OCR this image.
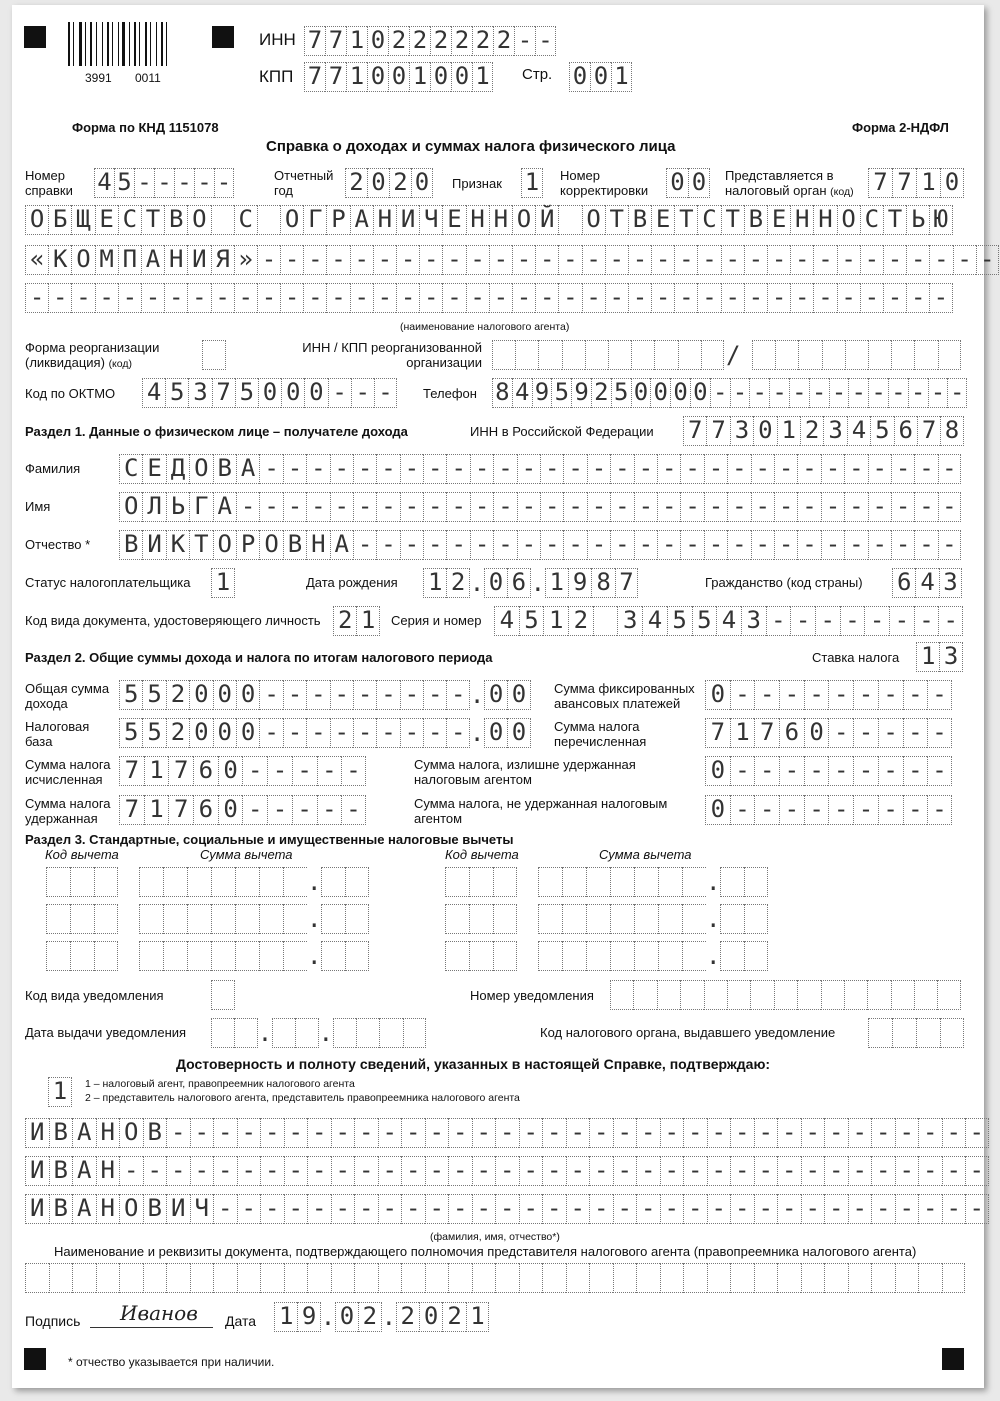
3991 0011
ИНН 7 7 1 0 2 2 2 2 2 2 - -
КПП 7 7 1 0 0 1 0 0 1 Стр. 0 0 1
Форма по КНД 1151078	Форма 2-НДФЛ
Справка о доходах и суммах налога физического лица
Номер справки	4 5 - - - - -	Отчетный год	2 0 2 0 Признак 1 Номер корректировки 0 0 Представляется в
налоговый орган (код) 7 7 1 0
О Б Щ Е С Т В О С О Г Р А Н И Ч Е Н Н О Й О Т В Е Т С Т В Е Н Н О С Т Ь Ю
« К О М П А Н И Я » - - - - - - - - - - - - - - - - - - - - - - - - - - - - - - - -
- - - - - - - - - - - - - - - - - - - - - - - - - - - - - - - - - - - - - - - -
(наименование налогового агента)
Форма реорганизации
(ликвидация) (код)
ИНН / КПП реорганизованной
организации	/
Код по ОКТМО 4 5 3 7 5 0 0 0 - - -	Телефон 8 4 9 5 9 2 5 0 0 0 0 - - - - - - - - - - - - -
Раздел 1. Данные о физическом лице – получателе дохода	ИНН в Российской Федерации 7 7 3 0 1 2 3 4 5 6 7 8
Фамилия С Е Д О В А - - - - - - - - - - - - - - - - - - - - - - - - - - - - - -
Имя	О Л Ь Г А - - - - - - - - - - - - - - - - - - - - - - - - - - - - - - -
Отчество * В И К Т О Р О В Н А - - - - - - - - - - - - - - - - - - - - - - - - - -
Статус налогоплательщика 1	Дата рождения 1 2 . 0 6 . 1 9 8 7	Гражданство (код страны) 6 4 3
Код вида документа, удостоверяющего личность 2 1	Серия и номер 4 5 1 2 3 4 5 5 4 3 - - - - - - - -
Раздел 2. Общие суммы дохода и налога по итогам налогового периода	Ставка налога 1 3
Общая сумма
дохода	5 5 2 0 0 0 - - - - - - - - - . 0 0	Сумма фиксированных
авансовых платежей	0 - - - - - - - - -
Налоговая
база	5 5 2 0 0 0 - - - - - - - - - . 0 0	Сумма налога
перечисленная	7 1 7 6 0 - - - - -
Сумма налога
исчисленная 7 1 7 6 0 - - - - -	Сумма налога, излишне удержанная
налоговым агентом	0 - - - - - - - - -
Сумма налога
удержанная	7 1 7 6 0 - - - - -	Сумма налога, не удержанная налоговым
агентом	0 - - - - - - - - -
Раздел 3. Стандартные, социальные и имущественные налоговые вычеты
Код вычета	Сумма вычета	Код вычета	Сумма вычета
.
.
.
.
.
.
Код вида уведомления	Номер уведомления
Дата выдачи уведомления	. .	Код налогового органа, выдавшего уведомление
Достоверность и полноту сведений, указанных в настоящей Справке, подтверждаю:
1	1 – налоговый агент, правопреемник налогового агента
2 – представитель налогового агента, представитель правопреемника налогового агента
И В А Н О В - - - - - - - - - - - - - - - - - - - - - - - - - - - - - - - - - - -
И В А Н - - - - - - - - - - - - - - - - - - - - - - - - - - - - - - - - - - - - -
И В А Н О В И Ч - - - - - - - - - - - - - - - - - - - - - - - - - - - - - - - - -
(фамилия, имя, отчество*)
Наименование и реквизиты документа, подтверждающего полномочия представителя налогового агента (правопреемника налогового агента)
Подпись Иванов Дата 1 9 . 0 2 . 2 0 2 1
* отчество указывается при наличии.
